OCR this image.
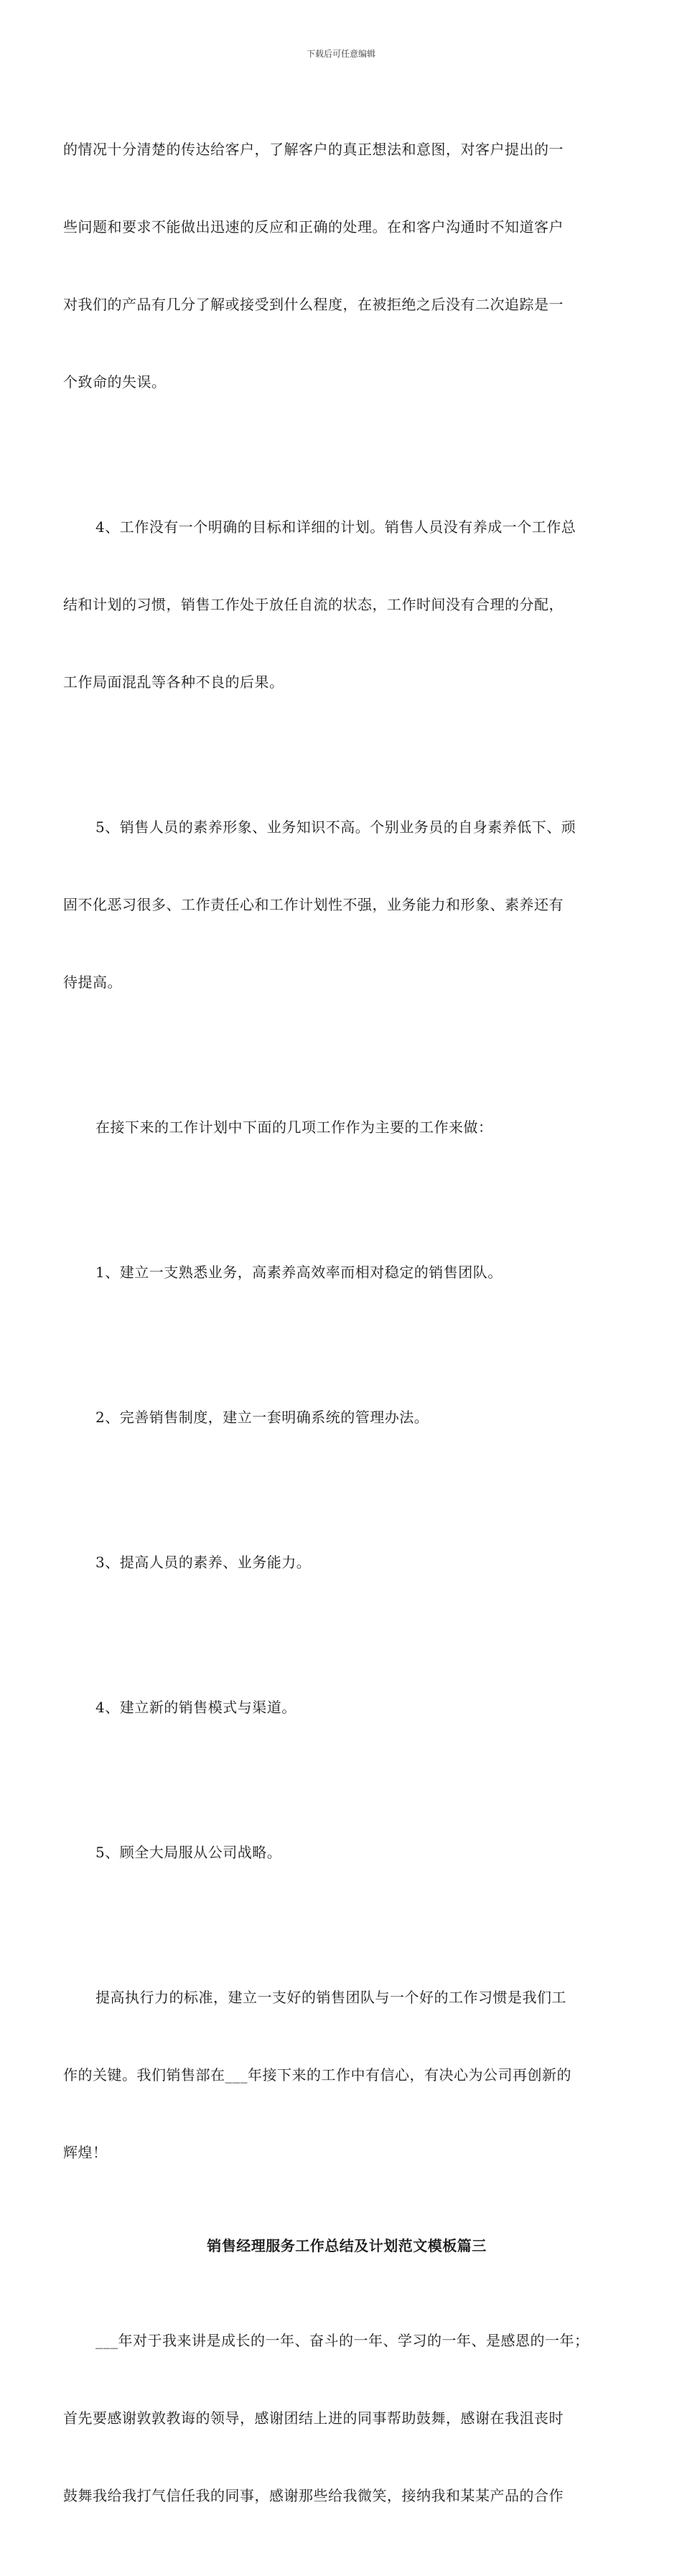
下载后可任意编辑

的情况十分清楚的传达给客户，了解客户的真正想法和意图，对客户提出的一

些问题和要求不能做出迅速的反应和正确的处理。在和客户沟通时不知道客户

对我们的产品有几分了解或接受到什么程度，在被拒绝之后没有二次追踪是一

个致命的失误。

4、工作没有一个明确的目标和详细的计划。销售人员没有养成一个工作总

结和计划的习惯，销售工作处于放任自流的状态，工作时间没有合理的分配，

工作局面混乱等各种不良的后果。

5、销售人员的素养形象、业务知识不高。个别业务员的自身素养低下、顽

固不化恶习很多、工作责任心和工作计划性不强，业务能力和形象、素养还有

待提高。

在接下来的工作计划中下面的几项工作作为主要的工作来做：

1、建立一支熟悉业务，高素养高效率而相对稳定的销售团队。

2、完善销售制度，建立一套明确系统的管理办法。

3、提高人员的素养、业务能力。

4、建立新的销售模式与渠道。

5、顾全大局服从公司战略。

提高执行力的标准，建立一支好的销售团队与一个好的工作习惯是我们工

作的关键。我们销售部在___年接下来的工作中有信心，有决心为公司再创新的

辉煌！

销售经理服务工作总结及计划范文模板篇三

___年对于我来讲是成长的一年、奋斗的一年、学习的一年、是感恩的一年；

首先要感谢敦敦教诲的领导，感谢团结上进的同事帮助鼓舞，感谢在我沮丧时

鼓舞我给我打气信任我的同事，感谢那些给我微笑，接纳我和某某产品的合作
